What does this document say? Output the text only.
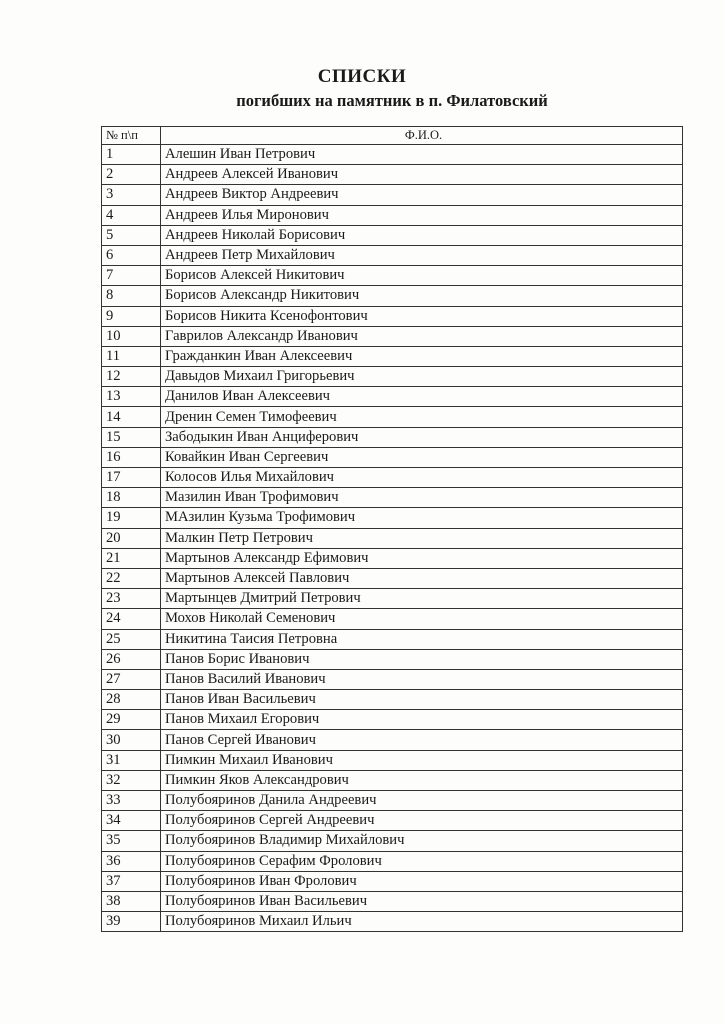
СПИСКИ
погибших на памятник в п. Филатовский
№ п\п	Ф.И.О.
1	Алешин Иван Петрович
2	Андреев Алексей Иванович
3	Андреев Виктор Андреевич
4	Андреев Илья Миронович
5	Андреев Николай Борисович
6	Андреев Петр Михайлович
7	Борисов Алексей Никитович
8	Борисов Александр Никитович
9	Борисов Никита Ксенофонтович
10	Гаврилов Александр Иванович
11	Гражданкин Иван Алексеевич
12	Давыдов Михаил Григорьевич
13	Данилов Иван Алексеевич
14	Дренин Семен Тимофеевич
15	Забодыкин Иван Анциферович
16	Ковайкин Иван Сергеевич
17	Колосов Илья Михайлович
18	Мазилин Иван Трофимович
19	МАзилин Кузьма Трофимович
20	Малкин Петр Петрович
21	Мартынов Александр Ефимович
22	Мартынов Алексей Павлович
23	Мартынцев Дмитрий Петрович
24	Мохов Николай Семенович
25	Никитина Таисия Петровна
26	Панов Борис Иванович
27	Панов Василий Иванович
28	Панов Иван Васильевич
29	Панов Михаил Егорович
30	Панов Сергей Иванович
31	Пимкин Михаил Иванович
32	Пимкин Яков Александрович
33	Полубояринов Данила Андреевич
34	Полубояринов Сергей Андреевич
35	Полубояринов Владимир Михайлович
36	Полубояринов Серафим Фролович
37	Полубояринов Иван Фролович
38	Полубояринов Иван Васильевич
39	Полубояринов Михаил Ильич
